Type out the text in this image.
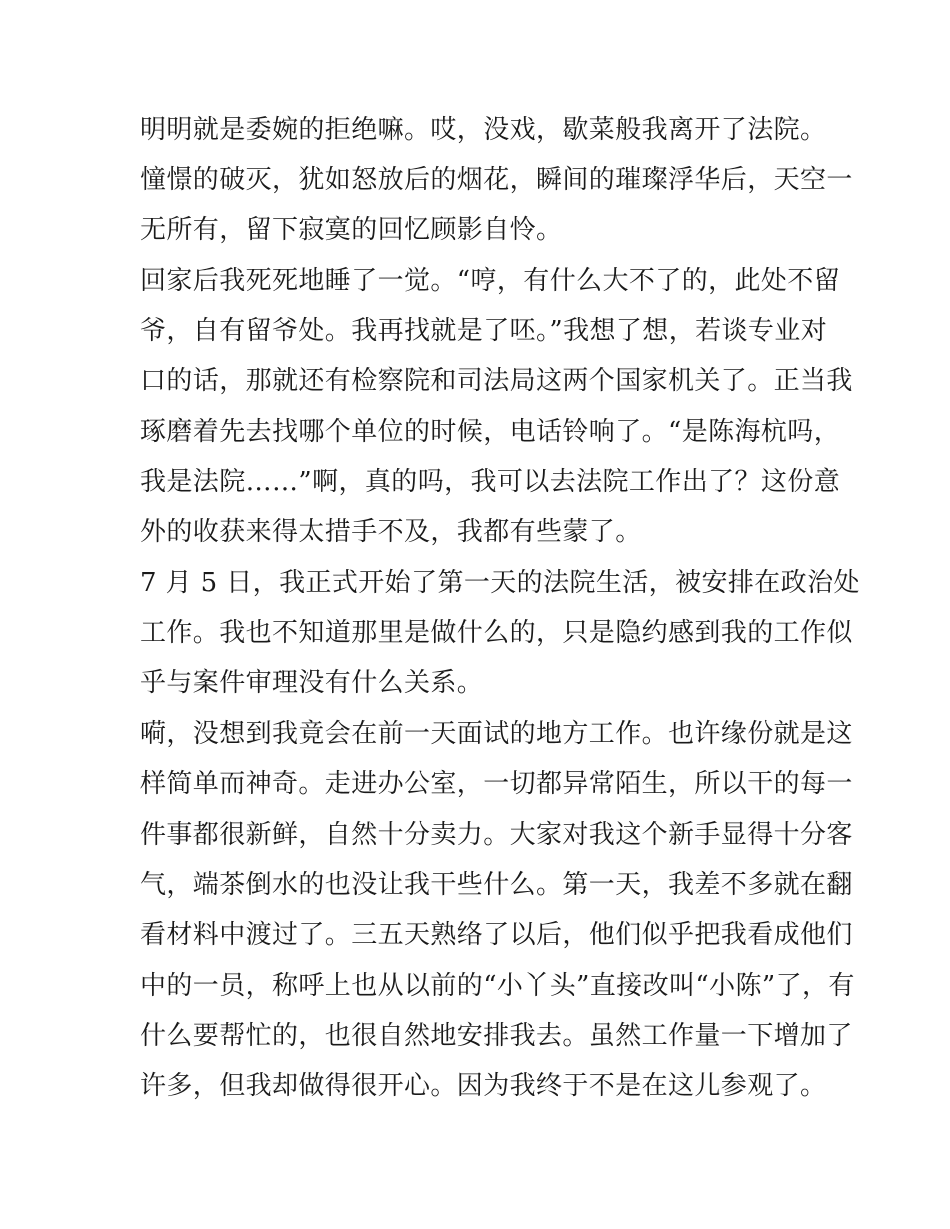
明明就是委婉的拒绝嘛。哎，没戏，歇菜般我离开了法院。
憧憬的破灭，犹如怒放后的烟花，瞬间的璀璨浮华后，天空一
无所有，留下寂寞的回忆顾影自怜。
回家后我死死地睡了一觉。“哼，有什么大不了的，此处不留
爷，自有留爷处。我再找就是了呸。”我想了想，若谈专业对
口的话，那就还有检察院和司法局这两个国家机关了。正当我
琢磨着先去找哪个单位的时候，电话铃响了。“是陈海杭吗，
我是法院……”啊，真的吗，我可以去法院工作出了？这份意
外的收获来得太措手不及，我都有些蒙了。
7 月 5 日，我正式开始了第一天的法院生活，被安排在政治处
工作。我也不知道那里是做什么的，只是隐约感到我的工作似
乎与案件审理没有什么关系。
嗬，没想到我竟会在前一天面试的地方工作。也许缘份就是这
样简单而神奇。走进办公室，一切都异常陌生，所以干的每一
件事都很新鲜，自然十分卖力。大家对我这个新手显得十分客
气，端茶倒水的也没让我干些什么。第一天，我差不多就在翻
看材料中渡过了。三五天熟络了以后，他们似乎把我看成他们
中的一员，称呼上也从以前的“小丫头”直接改叫“小陈”了，有
什么要帮忙的，也很自然地安排我去。虽然工作量一下增加了
许多，但我却做得很开心。因为我终于不是在这儿参观了。
